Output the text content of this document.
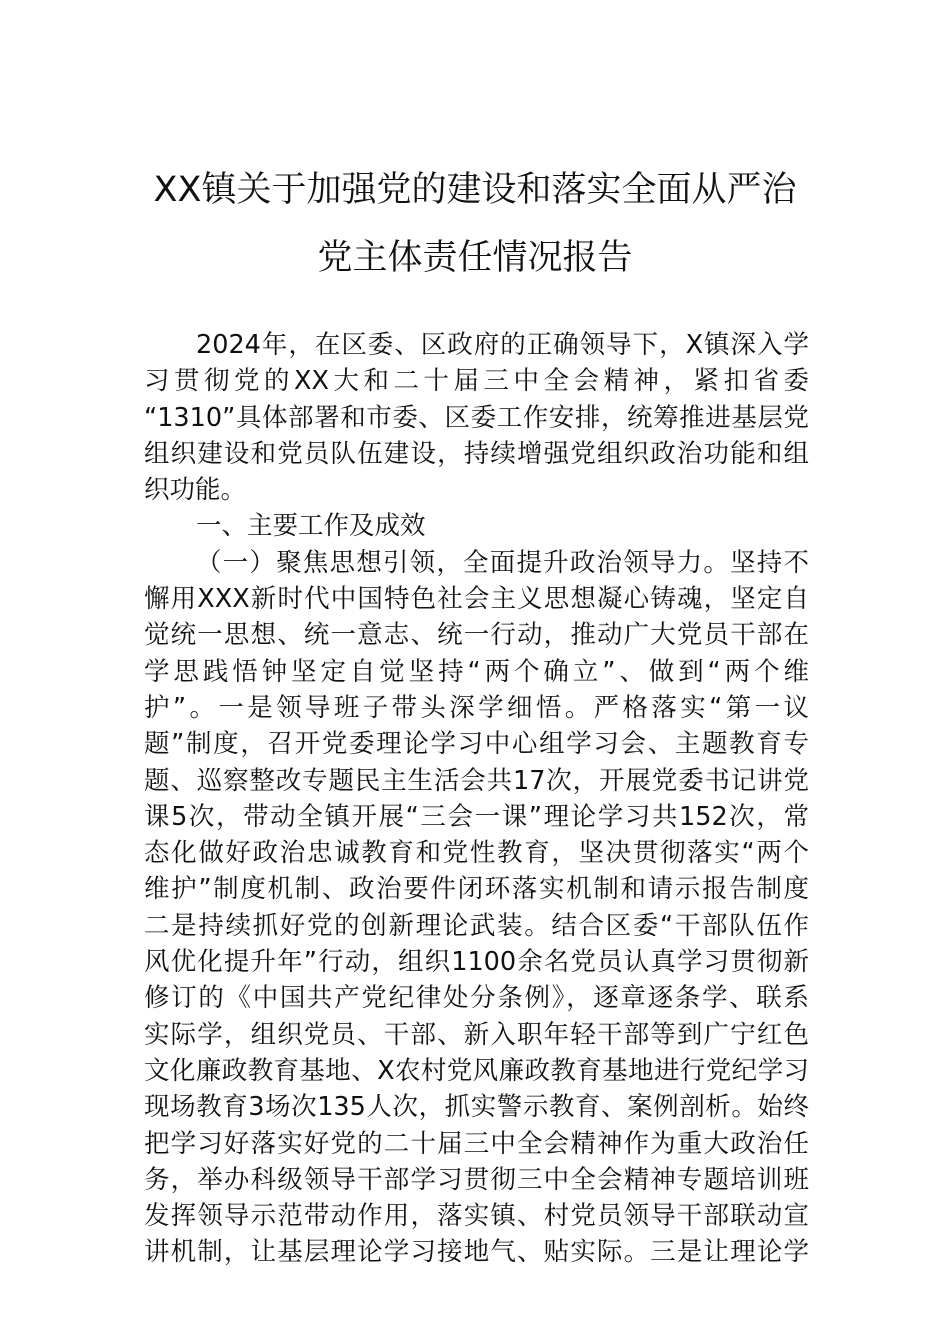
XX镇关于加强党的建设和落实全面从严治
党主体责任情况报告
2024年，在区委、区政府的正确领导下，X镇深入学
习贯彻党的XX大和二十届三中全会精神，紧扣省委
“1310”具体部署和市委、区委工作安排，统筹推进基层党
组织建设和党员队伍建设，持续增强党组织政治功能和组
织功能。
一、主要工作及成效
（一）聚焦思想引领，全面提升政治领导力。坚持不
懈用XXX新时代中国特色社会主义思想凝心铸魂，坚定自
觉统一思想、统一意志、统一行动，推动广大党员干部在
学思践悟钟坚定自觉坚持“两个确立”、做到“两个维
护”。一是领导班子带头深学细悟。严格落实“第一议
题”制度，召开党委理论学习中心组学习会、主题教育专
题、巡察整改专题民主生活会共17次，开展党委书记讲党
课5次，带动全镇开展“三会一课”理论学习共152次，常
态化做好政治忠诚教育和党性教育，坚决贯彻落实“两个
维护”制度机制、政治要件闭环落实机制和请示报告制度
二是持续抓好党的创新理论武装。结合区委“干部队伍作
风优化提升年”行动，组织1100余名党员认真学习贯彻新
修订的《中国共产党纪律处分条例》，逐章逐条学、联系
实际学，组织党员、干部、新入职年轻干部等到广宁红色
文化廉政教育基地、X农村党风廉政教育基地进行党纪学习
现场教育3场次135人次，抓实警示教育、案例剖析。始终
把学习好落实好党的二十届三中全会精神作为重大政治任
务，举办科级领导干部学习贯彻三中全会精神专题培训班
发挥领导示范带动作用，落实镇、村党员领导干部联动宣
讲机制，让基层理论学习接地气、贴实际。三是让理论学
